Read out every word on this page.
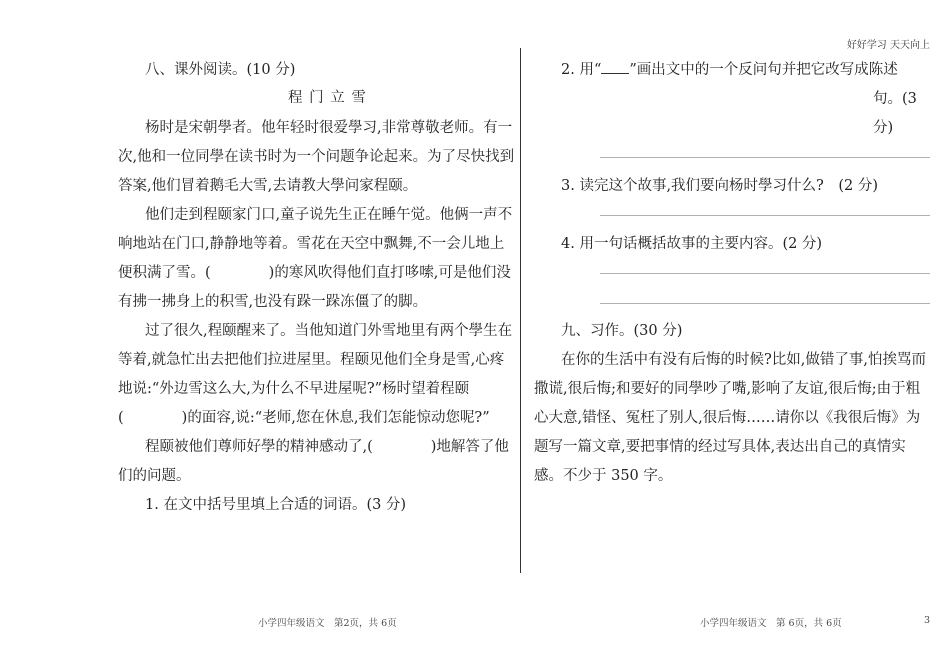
好好学习 天天向上
八、课外阅读。(10 分)
程 门 立 雪
杨时是宋朝學者。他年轻时很爱學习,非常尊敬老师。有一
次,他和一位同學在读书时为一个问题争论起来。为了尽快找到
答案,他们冒着鹅毛大雪,去请教大學问家程颐。
他们走到程颐家门口,童子说先生正在睡午觉。他俩一声不
响地站在门口,静静地等着。雪花在天空中飘舞,不一会儿地上
便积满了雪。(　　　　)的寒风吹得他们直打哆嗦,可是他们没
有拂一拂身上的积雪,也没有跺一跺冻僵了的脚。
过了很久,程颐醒来了。当他知道门外雪地里有两个學生在
等着,就急忙出去把他们拉进屋里。程颐见他们全身是雪,心疼
地说:“外边雪这么大,为什么不早进屋呢?”杨时望着程颐
(　　　　)的面容,说:“老师,您在休息,我们怎能惊动您呢?”
程颐被他们尊师好學的精神感动了,(　　　　)地解答了他
们的问题。
1. 在文中括号里填上合适的词语。(3 分)
小学四年级语文　第2页，共 6页
2. 用“ ”画出文中的一个反问句并把它改写成陈述
句。(3
分)
3. 读完这个故事,我们要向杨时學习什么?　(2 分)
4. 用一句话概括故事的主要内容。(2 分)
九、习作。(30 分)
在你的生活中有没有后悔的时候?比如,做错了事,怕挨骂而
撒谎,很后悔;和要好的同學吵了嘴,影响了友谊,很后悔;由于粗
心大意,错怪、冤枉了别人,很后悔……请你以《我很后悔》为
题写一篇文章,要把事情的经过写具体,表达出自己的真情实
感。不少于 350 字。
小学四年级语文　第 6页，共 6页	3
